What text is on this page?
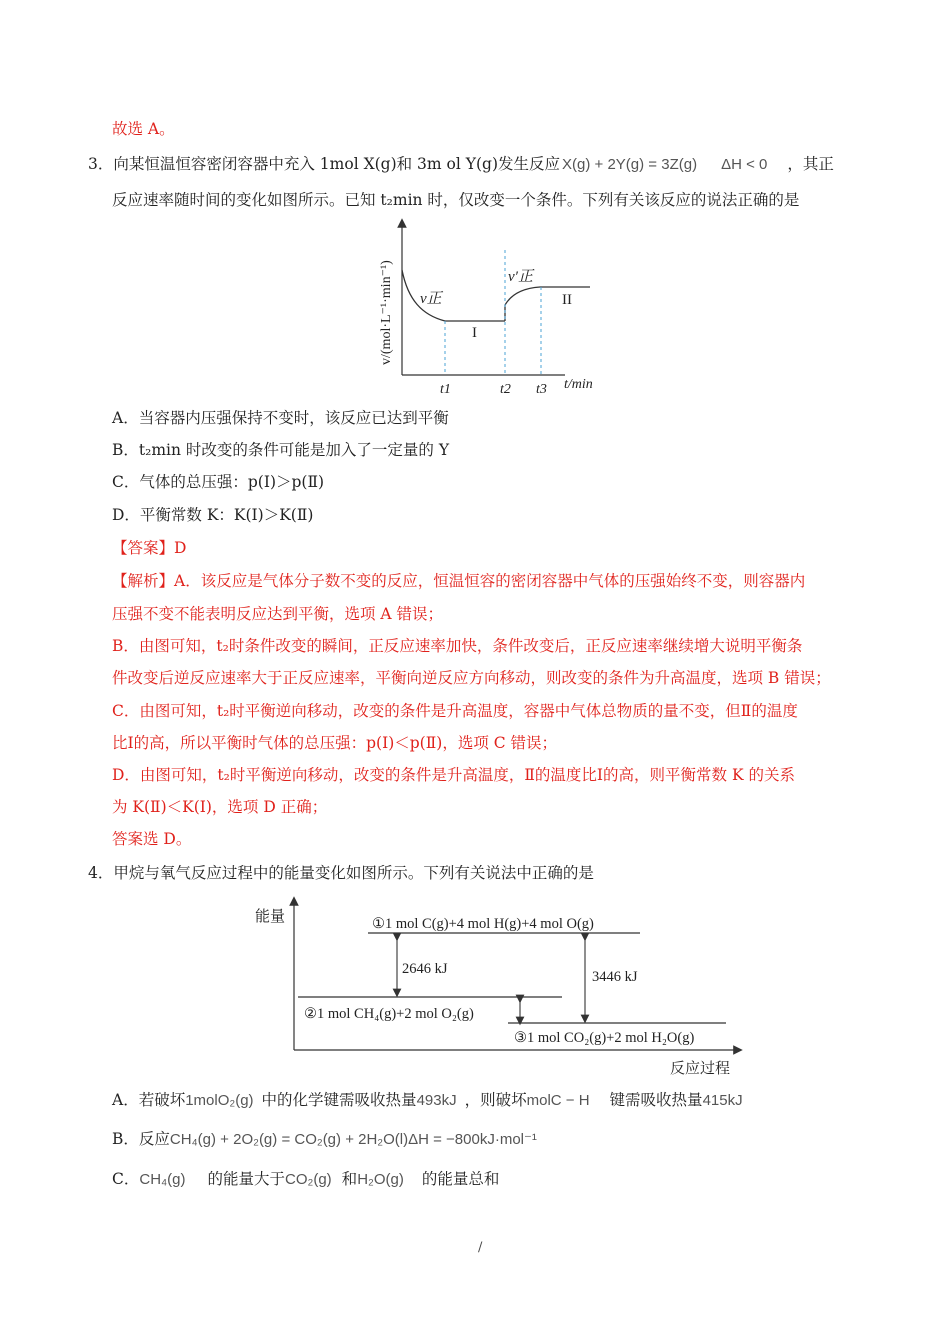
故选 A。
3．向某恒温恒容密闭容器中充入 1mol X(g)和 3m ol Y(g)发生反应 X(g) + 2Y(g) = 3Z(g) ΔH < 0 ，其正
反应速率随时间的变化如图所示。已知 t₂min 时，仅改变一个条件。下列有关该反应的说法正确的是
v/(mol·L⁻¹·min⁻¹) v正
v′正
I
II
t1	t2 t3 t/min
A．当容器内压强保持不变时，该反应已达到平衡
B．t₂min 时改变的条件可能是加入了一定量的 Y
C．气体的总压强：p(Ⅰ)＞p(Ⅱ)
D．平衡常数 K：K(Ⅰ)＞K(Ⅱ)
【答案】D
【解析】A．该反应是气体分子数不变的反应，恒温恒容的密闭容器中气体的压强始终不变，则容器内
压强不变不能表明反应达到平衡，选项 A 错误；
B．由图可知，t₂时条件改变的瞬间，正反应速率加快，条件改变后，正反应速率继续增大说明平衡条
件改变后逆反应速率大于正反应速率，平衡向逆反应方向移动，则改变的条件为升高温度，选项 B 错误；
C．由图可知，t₂时平衡逆向移动，改变的条件是升高温度，容器中气体总物质的量不变，但Ⅱ的温度
比Ⅰ的高，所以平衡时气体的总压强：p(Ⅰ)＜p(Ⅱ)，选项 C 错误；
D．由图可知，t₂时平衡逆向移动，改变的条件是升高温度，Ⅱ的温度比Ⅰ的高，则平衡常数 K 的关系
为 K(Ⅱ)＜K(Ⅰ)，选项 D 正确；
答案选 D。
4．甲烷与氧气反应过程中的能量变化如图所示。下列有关说法中正确的是
能量
反应过程
①1 mol C(g)+4 mol H(g)+4 mol O(g)
②1 mol CH₄(g)+2 mol O₂(g)
③1 mol CO₂(g)+2 mol H₂O(g)
2646 kJ	3446 kJ
A．若破坏1molO₂(g) 中的化学键需吸收热量493kJ ，则破坏molC − H 键需吸收热量415kJ
B．反应CH₄(g) + 2O₂(g) = CO₂(g) + 2H₂O(l)ΔH = −800kJ·mol⁻¹
C．CH₄(g) 的能量大于CO₂(g) 和H₂O(g) 的能量总和
/
